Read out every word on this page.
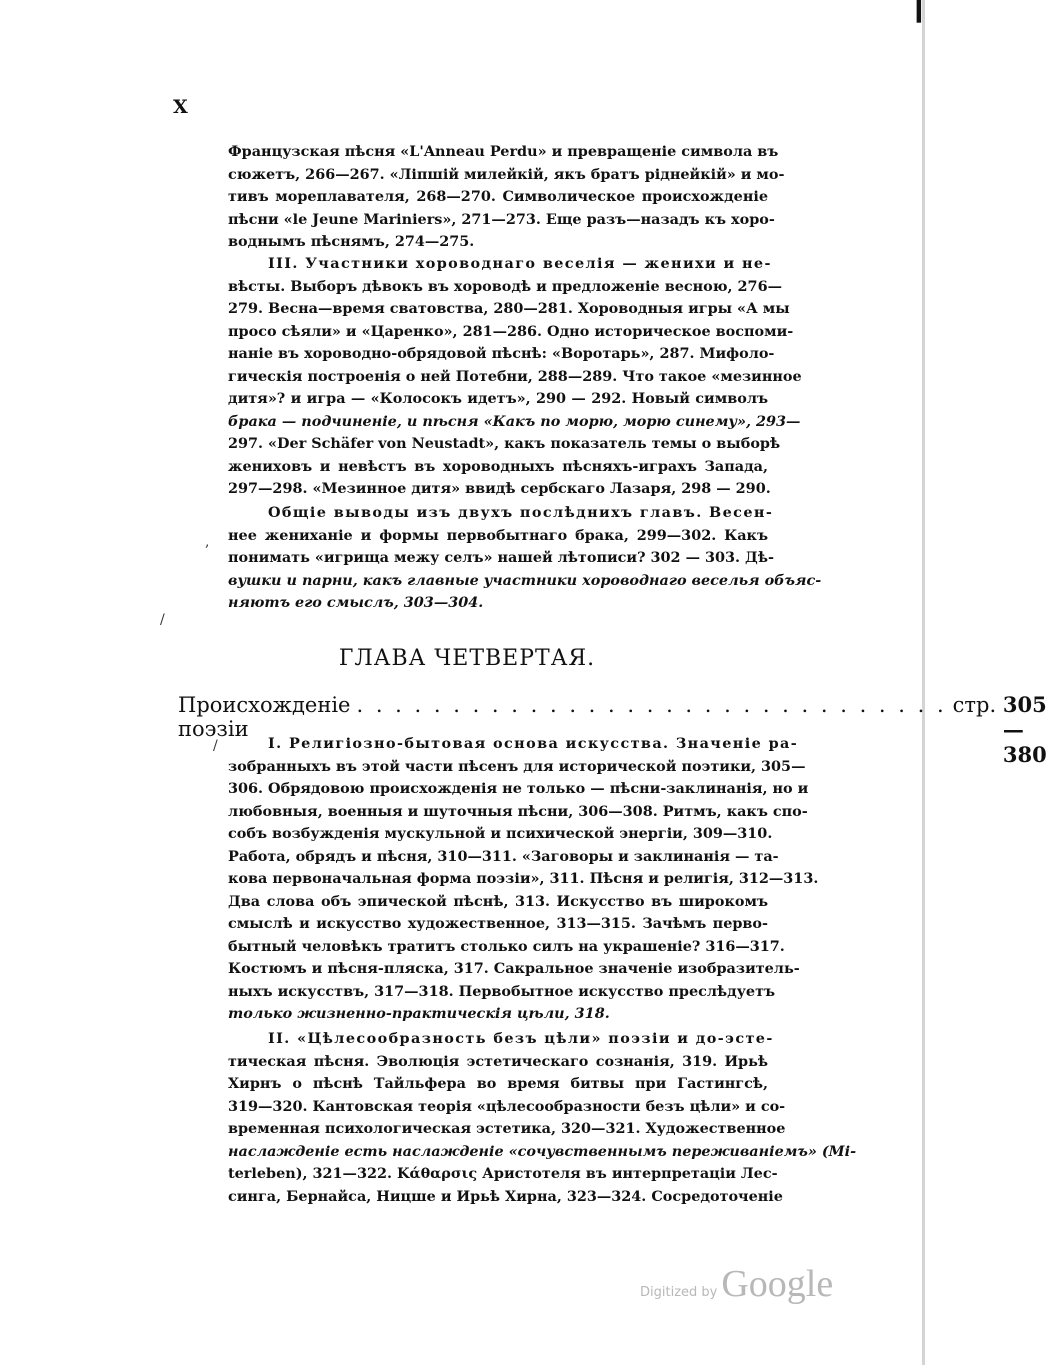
❙
X
Французская пѣсня «L'Anneau Perdu» и превращенiе символа въ
сюжетъ, 266—267. «Лiпшiй милейкiй, якъ братъ рiднейкiй» и мо-
тивъ мореплавателя, 268—270. Символическое происхожденiе
пѣсни «le Jeune Mariniers», 271—273. Еще разъ—назадъ къ хоро-
воднымъ пѣснямъ, 274—275.
III. Участники хороводнаго веселiя — женихи и не-
вѣсты. Выборъ дѣвокъ въ хороводѣ и предложенiе весною, 276—
279. Весна—время сватовства, 280—281. Хороводныя игры «А мы
просо сѣяли» и «Царенко», 281—286. Одно историческое воспоми-
нанiе въ хороводно-обрядовой пѣснѣ: «Воротарь», 287. Мифоло-
гическiя построенiя о ней Потебни, 288—289. Что такое «мезинное
дитя»? и игра — «Колосокъ идетъ», 290 — 292. Новый символъ
брака — подчиненiе, и пѣсня «Какъ по морю, морю синему», 293—
297. «Der Schäfer von Neustadt», какъ показатель темы о выборѣ
жениховъ и невѣстъ въ хороводныхъ пѣсняхъ-играхъ Запада,
297—298. «Мезинное дитя» ввидѣ сербскаго Лазаря, 298 — 290.
Общiе выводы изъ двухъ послѣднихъ главъ. Весен-
нее жениханiе и формы первобытнаго брака, 299—302. Какъ
понимать «игрища межу селъ» нашей лѣтописи? 302 — 303. Дѣ-
вушки и парни, какъ главные участники хороводнаго веселья объяс-
няютъ его смыслъ, 303—304.
ГЛАВА ЧЕТВЕРТАЯ.
Происхожденiе поэзiи
. . . . . . . . . . . . . . . . . . . . . . . . . . . . . . . стр.
305—380
I. Религiозно-бытовая основа искусства. Значенiе ра-
зобранныхъ въ этой части пѣсенъ для исторической поэтики, 305—
306. Обрядовою происхожденiя не только — пѣсни-заклинанiя, но и
любовныя, военныя и шуточныя пѣсни, 306—308. Ритмъ, какъ спо-
собъ возбужденiя мускульной и психической энергiи, 309—310.
Работа, обрядъ и пѣсня, 310—311. «Заговоры и заклинанiя — та-
кова первоначальная форма поэзiи», 311. Пѣсня и религiя, 312—313.
Два слова объ эпической пѣснѣ, 313. Искусство въ широкомъ
смыслѣ и искусство художественное, 313—315. Зачѣмъ перво-
бытный человѣкъ тратитъ столько силъ на украшенiе? 316—317.
Костюмъ и пѣсня-пляска, 317. Сакральное значенiе изобразитель-
ныхъ искусствъ, 317—318. Первобытное искусство преслѣдуетъ
только жизненно-практическiя цѣли, 318.
II. «Цѣлесообразность безъ цѣли» поэзiи и до-эсте-
тическая пѣсня. Эволюцiя эстетическаго сознанiя, 319. Ирьѣ
Хирнъ о пѣснѣ Тайльфера во время битвы при Гастингсѣ,
319—320. Кантовская теорiя «цѣлесообразности безъ цѣли» и со-
временная психологическая эстетика, 320—321. Художественное
наслажденiе есть наслажденiе «сочувственнымъ переживанiемъ» (Mi-
terleben), 321—322. Κάθαρσις Аристотеля въ интерпретацiи Лес-
синга, Бернайса, Ницше и Ирьѣ Хирна, 323—324. Сосредоточенiе
,
/
/
Digitized by Google
